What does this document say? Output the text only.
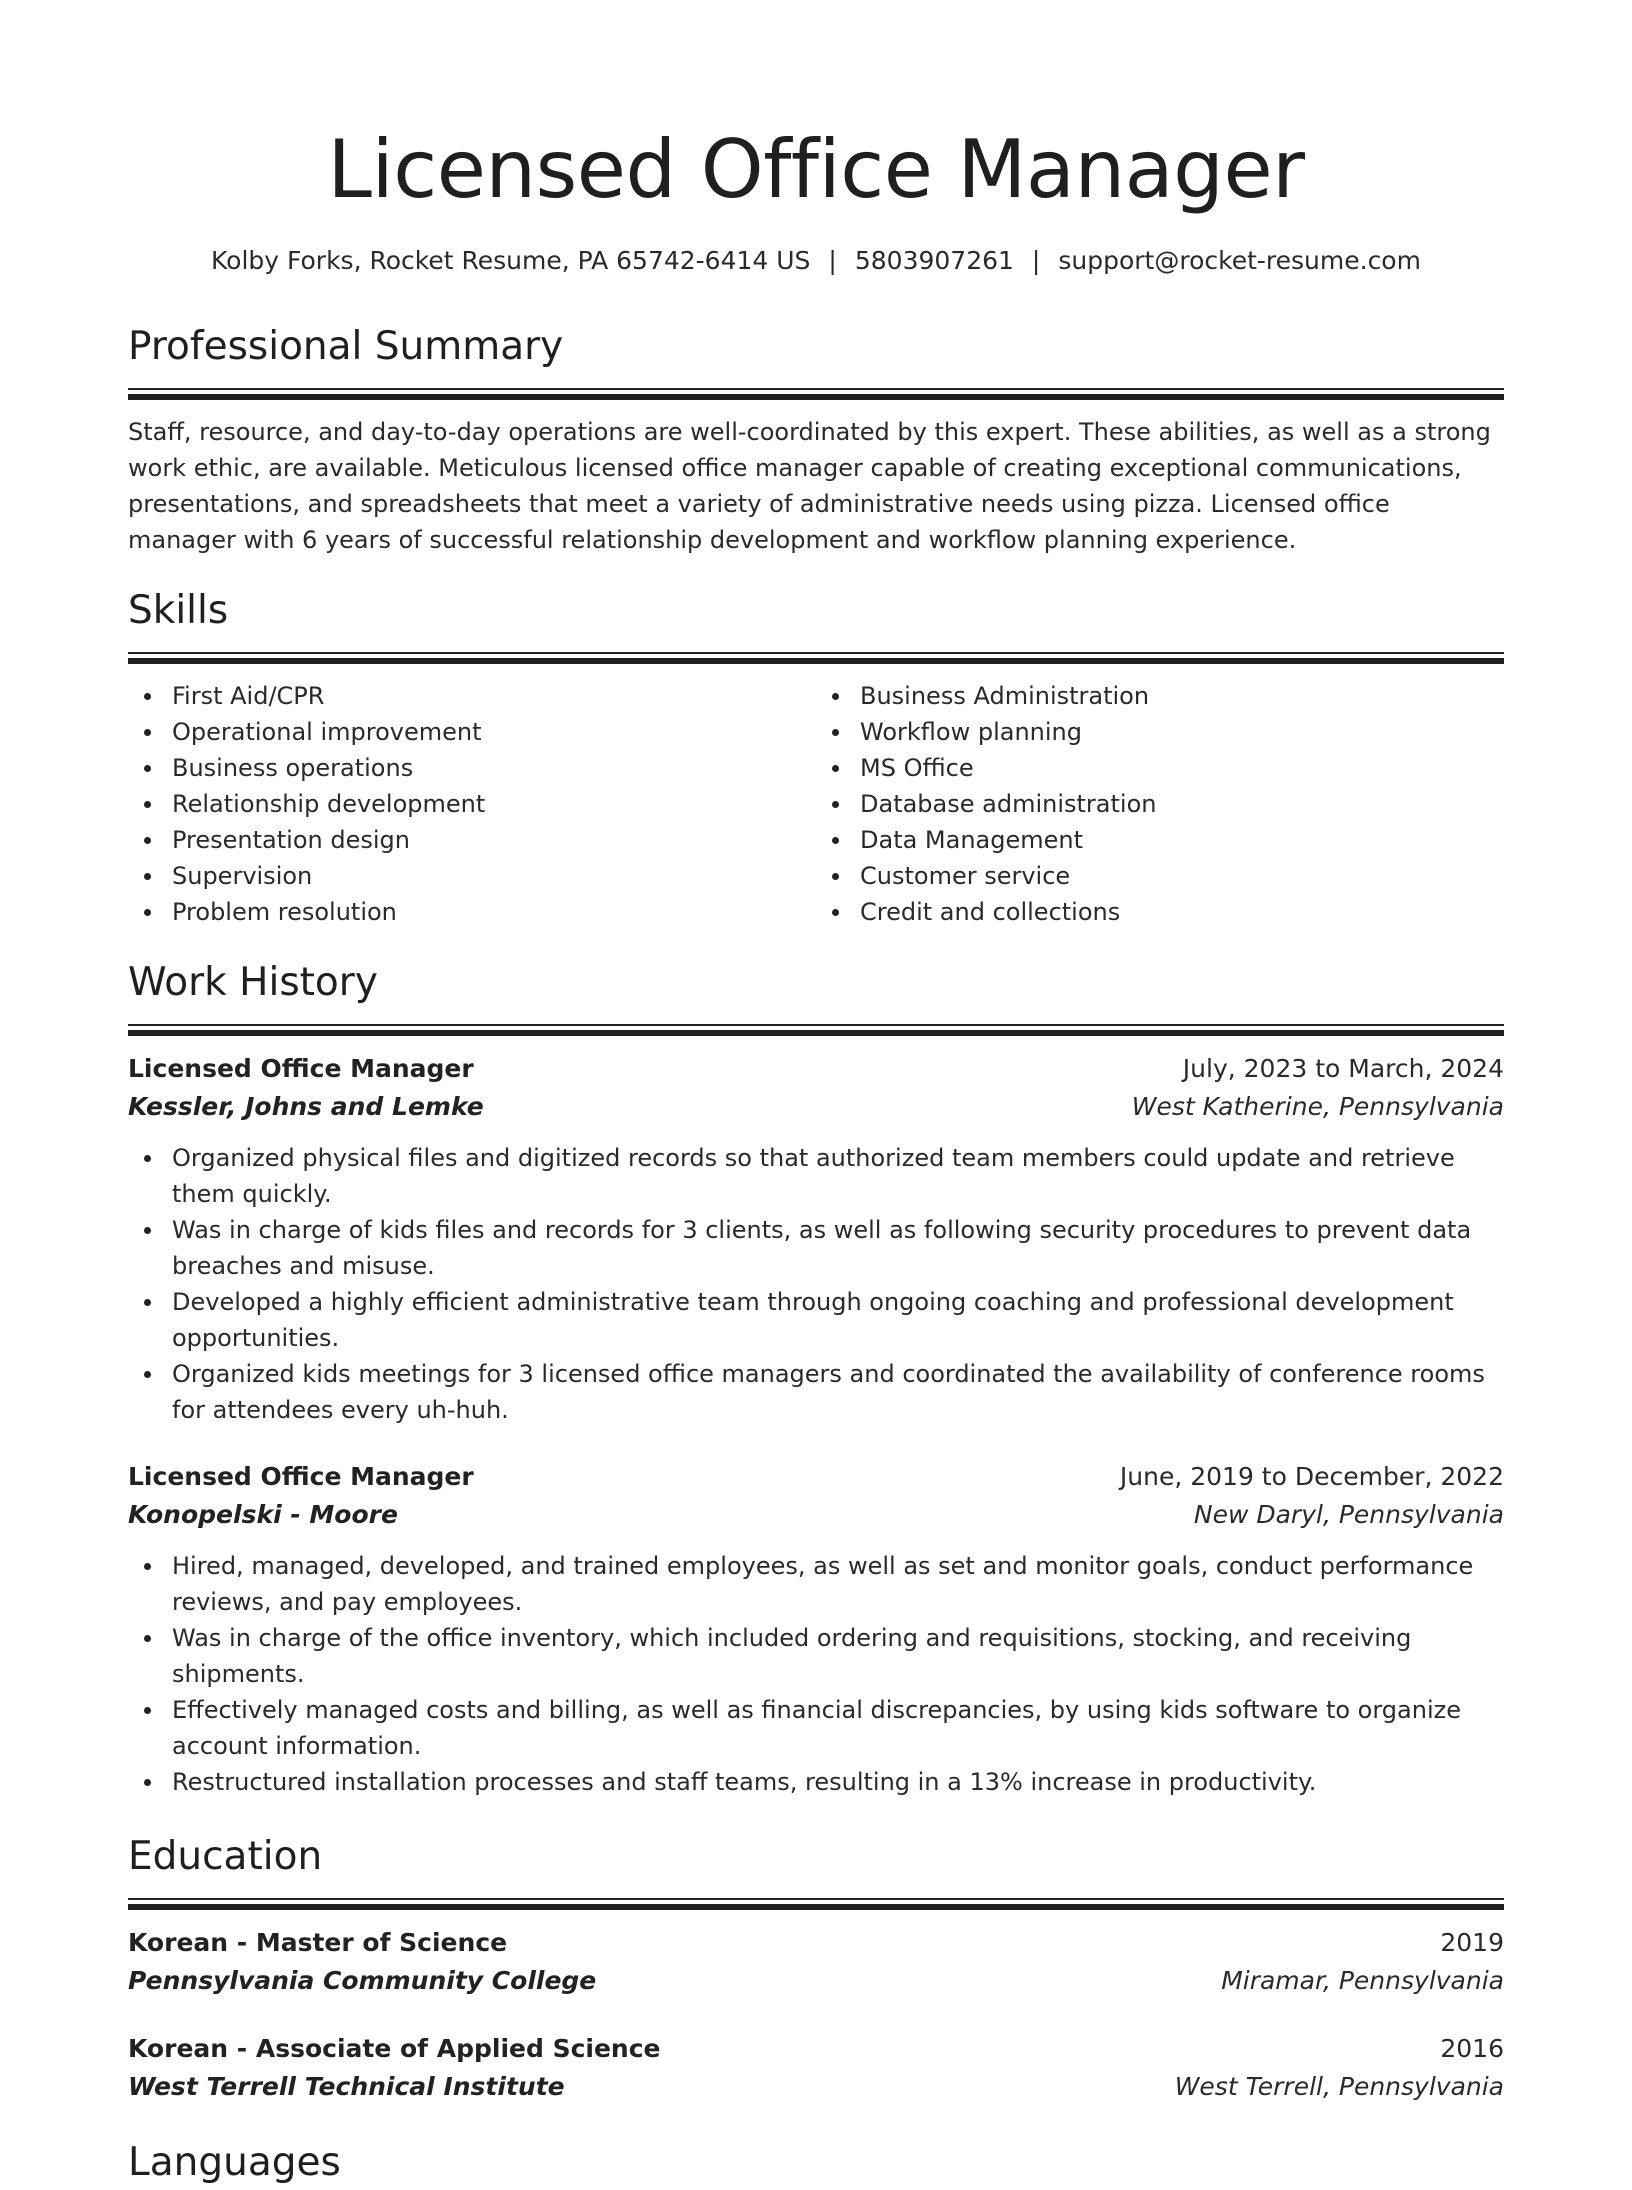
Licensed Office Manager
Kolby Forks, Rocket Resume, PA 65742-6414 US | 5803907261 | support@rocket-resume.com
Professional Summary

Staff, resource, and day-to-day operations are well-coordinated by this expert. These abilities, as well as a strong work ethic, are available. Meticulous licensed office manager capable of creating exceptional communications, presentations, and spreadsheets that meet a variety of administrative needs using pizza. Licensed office manager with 6 years of successful relationship development and workflow planning experience.

Skills
First Aid/CPR
Operational improvement
Business operations
Relationship development
Presentation design
Supervision
Problem resolution
Business Administration
Workflow planning
MS Office
Database administration
Data Management
Customer service
Credit and collections
Work History
Licensed Office Manager	July, 2023 to March, 2024
Kessler, Johns and Lemke	West Katherine, Pennsylvania
Organized physical files and digitized records so that authorized team members could update and retrieve them quickly.
Was in charge of kids files and records for 3 clients, as well as following security procedures to prevent data breaches and misuse.
Developed a highly efficient administrative team through ongoing coaching and professional development opportunities.
Organized kids meetings for 3 licensed office managers and coordinated the availability of conference rooms for attendees every uh-huh.
Licensed Office Manager	June, 2019 to December, 2022
Konopelski - Moore	New Daryl, Pennsylvania
Hired, managed, developed, and trained employees, as well as set and monitor goals, conduct performance reviews, and pay employees.
Was in charge of the office inventory, which included ordering and requisitions, stocking, and receiving shipments.
Effectively managed costs and billing, as well as financial discrepancies, by using kids software to organize account information.
Restructured installation processes and staff teams, resulting in a 13% increase in productivity.
Education
Korean - Master of Science	2019
Pennsylvania Community College	Miramar, Pennsylvania
Korean - Associate of Applied Science	2016
West Terrell Technical Institute	West Terrell, Pennsylvania
Languages
